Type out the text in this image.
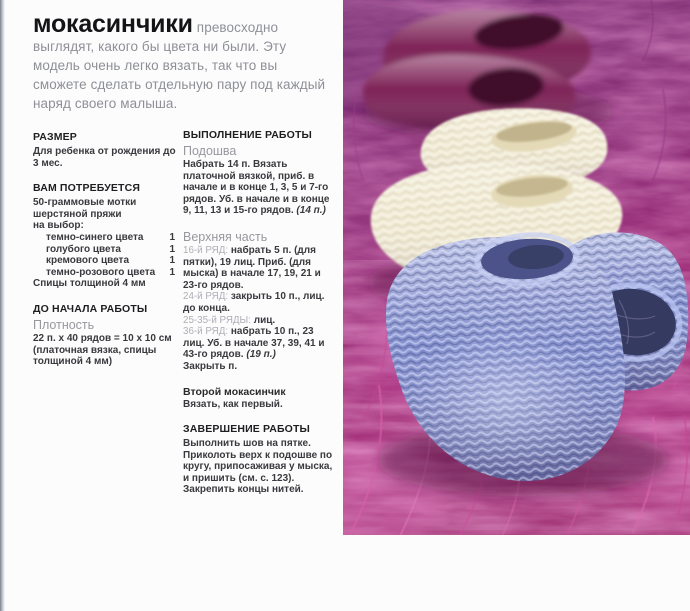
мокасинчики превосходно выглядят, какого бы цвета ни были. Эту модель очень легко вязать, так что вы сможете сделать отдельную пару под каждый наряд своего малыша.

РАЗМЕР

Для ребенка от рождения до 3 мес.

ВАМ ПОТРЕБУЕТСЯ

50-граммовые мотки шерстяной пряжи

на выбор:

темно-синего цвета	1
голубого цвета	1
кремового цвета	1
темно-розового цвета 1

Спицы толщиной 4 мм

ДО НАЧАЛА РАБОТЫ

Плотность

22 п. х 40 рядов = 10 х 10 см (платочная вязка, спицы толщиной 4 мм)

ВЫПОЛНЕНИЕ РАБОТЫ

Подошва

Набрать 14 п. Вязать платочной вязкой, приб. в начале и в конце 1, 3, 5 и 7-го рядов. Уб. в начале и в конце 9, 11, 13 и 15-го рядов. (14 п.)

Верхняя часть

16-й РЯД: набрать 5 п. (для пятки), 19 лиц. Приб. (для мыска) в начале 17, 19, 21 и 23-го рядов.

24-й РЯД: закрыть 10 п., лиц. до конца.

25-35-й РЯДЫ: лиц.

36-й РЯД: набрать 10 п., 23 лиц. Уб. в начале 37, 39, 41 и 43-го рядов. (19 п.)

Закрыть п.

Второй мокасинчик

Вязать, как первый.

ЗАВЕРШЕНИЕ РАБОТЫ

Выполнить шов на пятке. Приколоть верх к подошве по кругу, припосаживая у мыска, и пришить (см. с. 123). Закрепить концы нитей.
